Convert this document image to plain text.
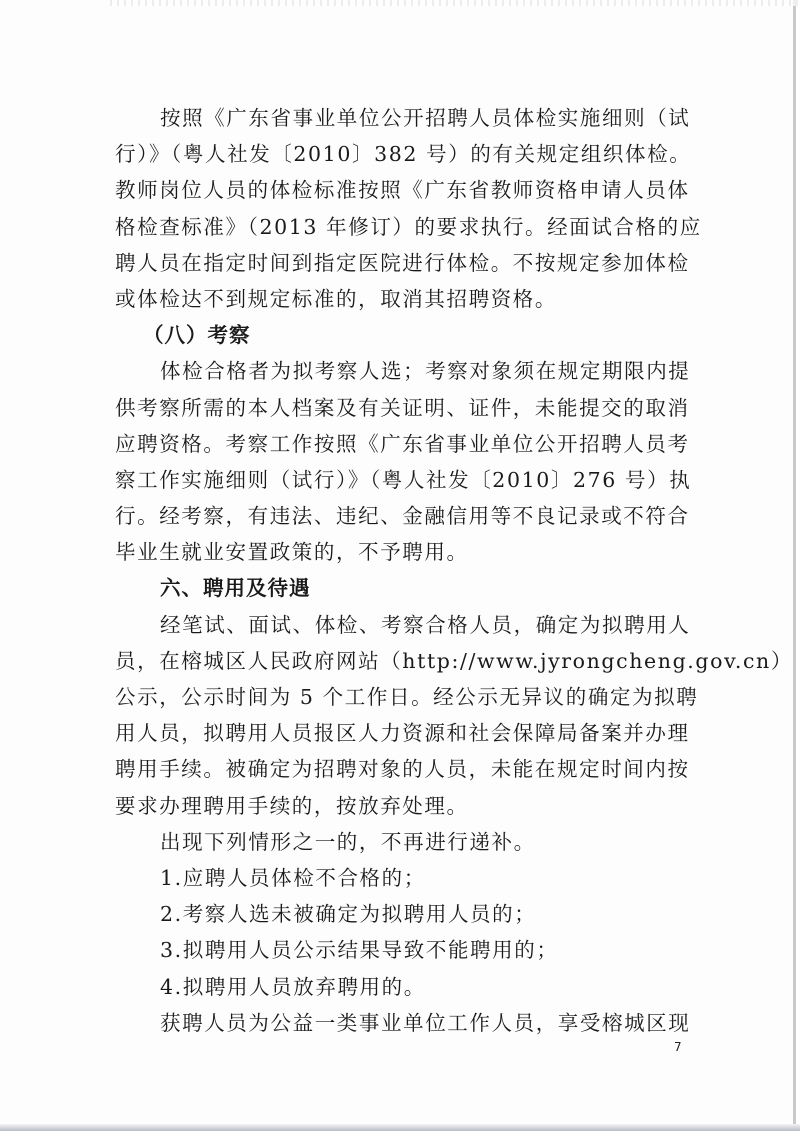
按照《广东省事业单位公开招聘人员体检实施细则（试
行）》（粤人社发〔2010〕382 号）的有关规定组织体检。
教师岗位人员的体检标准按照《广东省教师资格申请人员体
格检查标准》（2013 年修订）的要求执行。经面试合格的应
聘人员在指定时间到指定医院进行体检。不按规定参加体检
或体检达不到规定标准的，取消其招聘资格。
（八）考察
体检合格者为拟考察人选；考察对象须在规定期限内提
供考察所需的本人档案及有关证明、证件，未能提交的取消
应聘资格。考察工作按照《广东省事业单位公开招聘人员考
察工作实施细则（试行）》（粤人社发〔2010〕276 号）执
行。经考察，有违法、违纪、金融信用等不良记录或不符合
毕业生就业安置政策的，不予聘用。
六、聘用及待遇
经笔试、面试、体检、考察合格人员，确定为拟聘用人
员，在榕城区人民政府网站（http://www.jyrongcheng.gov.cn）
公示，公示时间为 5 个工作日。经公示无异议的确定为拟聘
用人员，拟聘用人员报区人力资源和社会保障局备案并办理
聘用手续。被确定为招聘对象的人员，未能在规定时间内按
要求办理聘用手续的，按放弃处理。
出现下列情形之一的，不再进行递补。
1.应聘人员体检不合格的；
2.考察人选未被确定为拟聘用人员的；
3.拟聘用人员公示结果导致不能聘用的；
4.拟聘用人员放弃聘用的。
获聘人员为公益一类事业单位工作人员，享受榕城区现
7
